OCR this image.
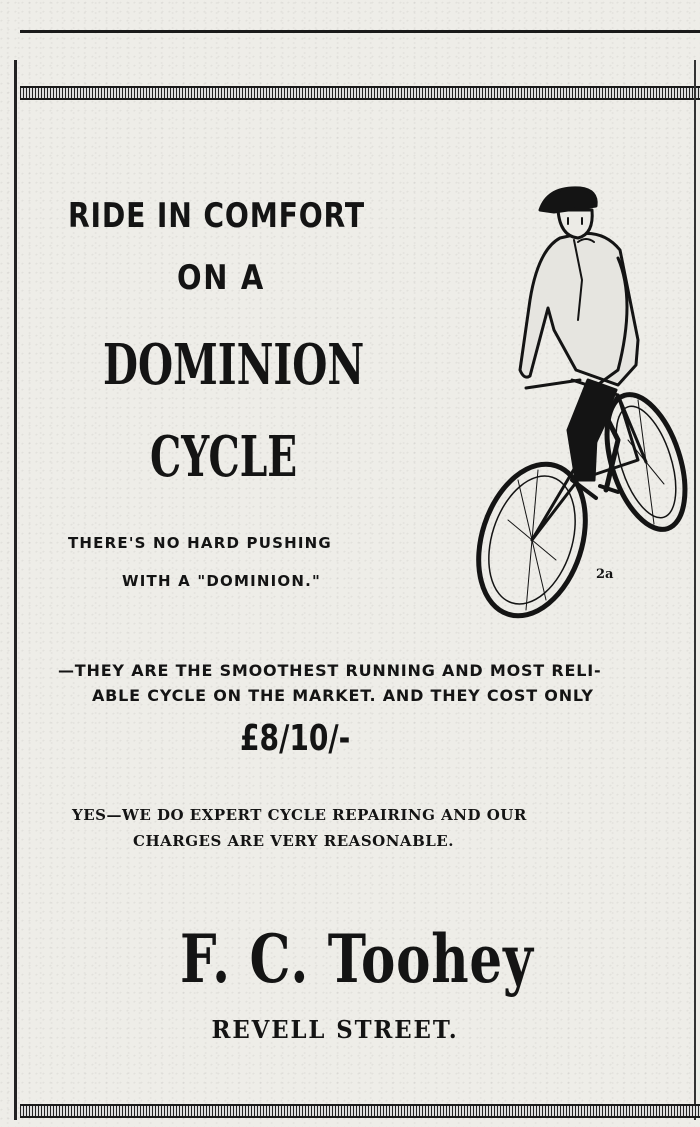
RIDE IN COMFORT

ON A

DOMINION

CYCLE

THERE'S NO HARD PUSHING

WITH A "DOMINION."

—THEY ARE THE SMOOTHEST RUNNING AND MOST RELI-

ABLE CYCLE ON THE MARKET. AND THEY COST ONLY

£8/10/-

YES—WE DO EXPERT CYCLE REPAIRING AND OUR

CHARGES ARE VERY REASONABLE.

F. C. Toohey

REVELL STREET.

2a
